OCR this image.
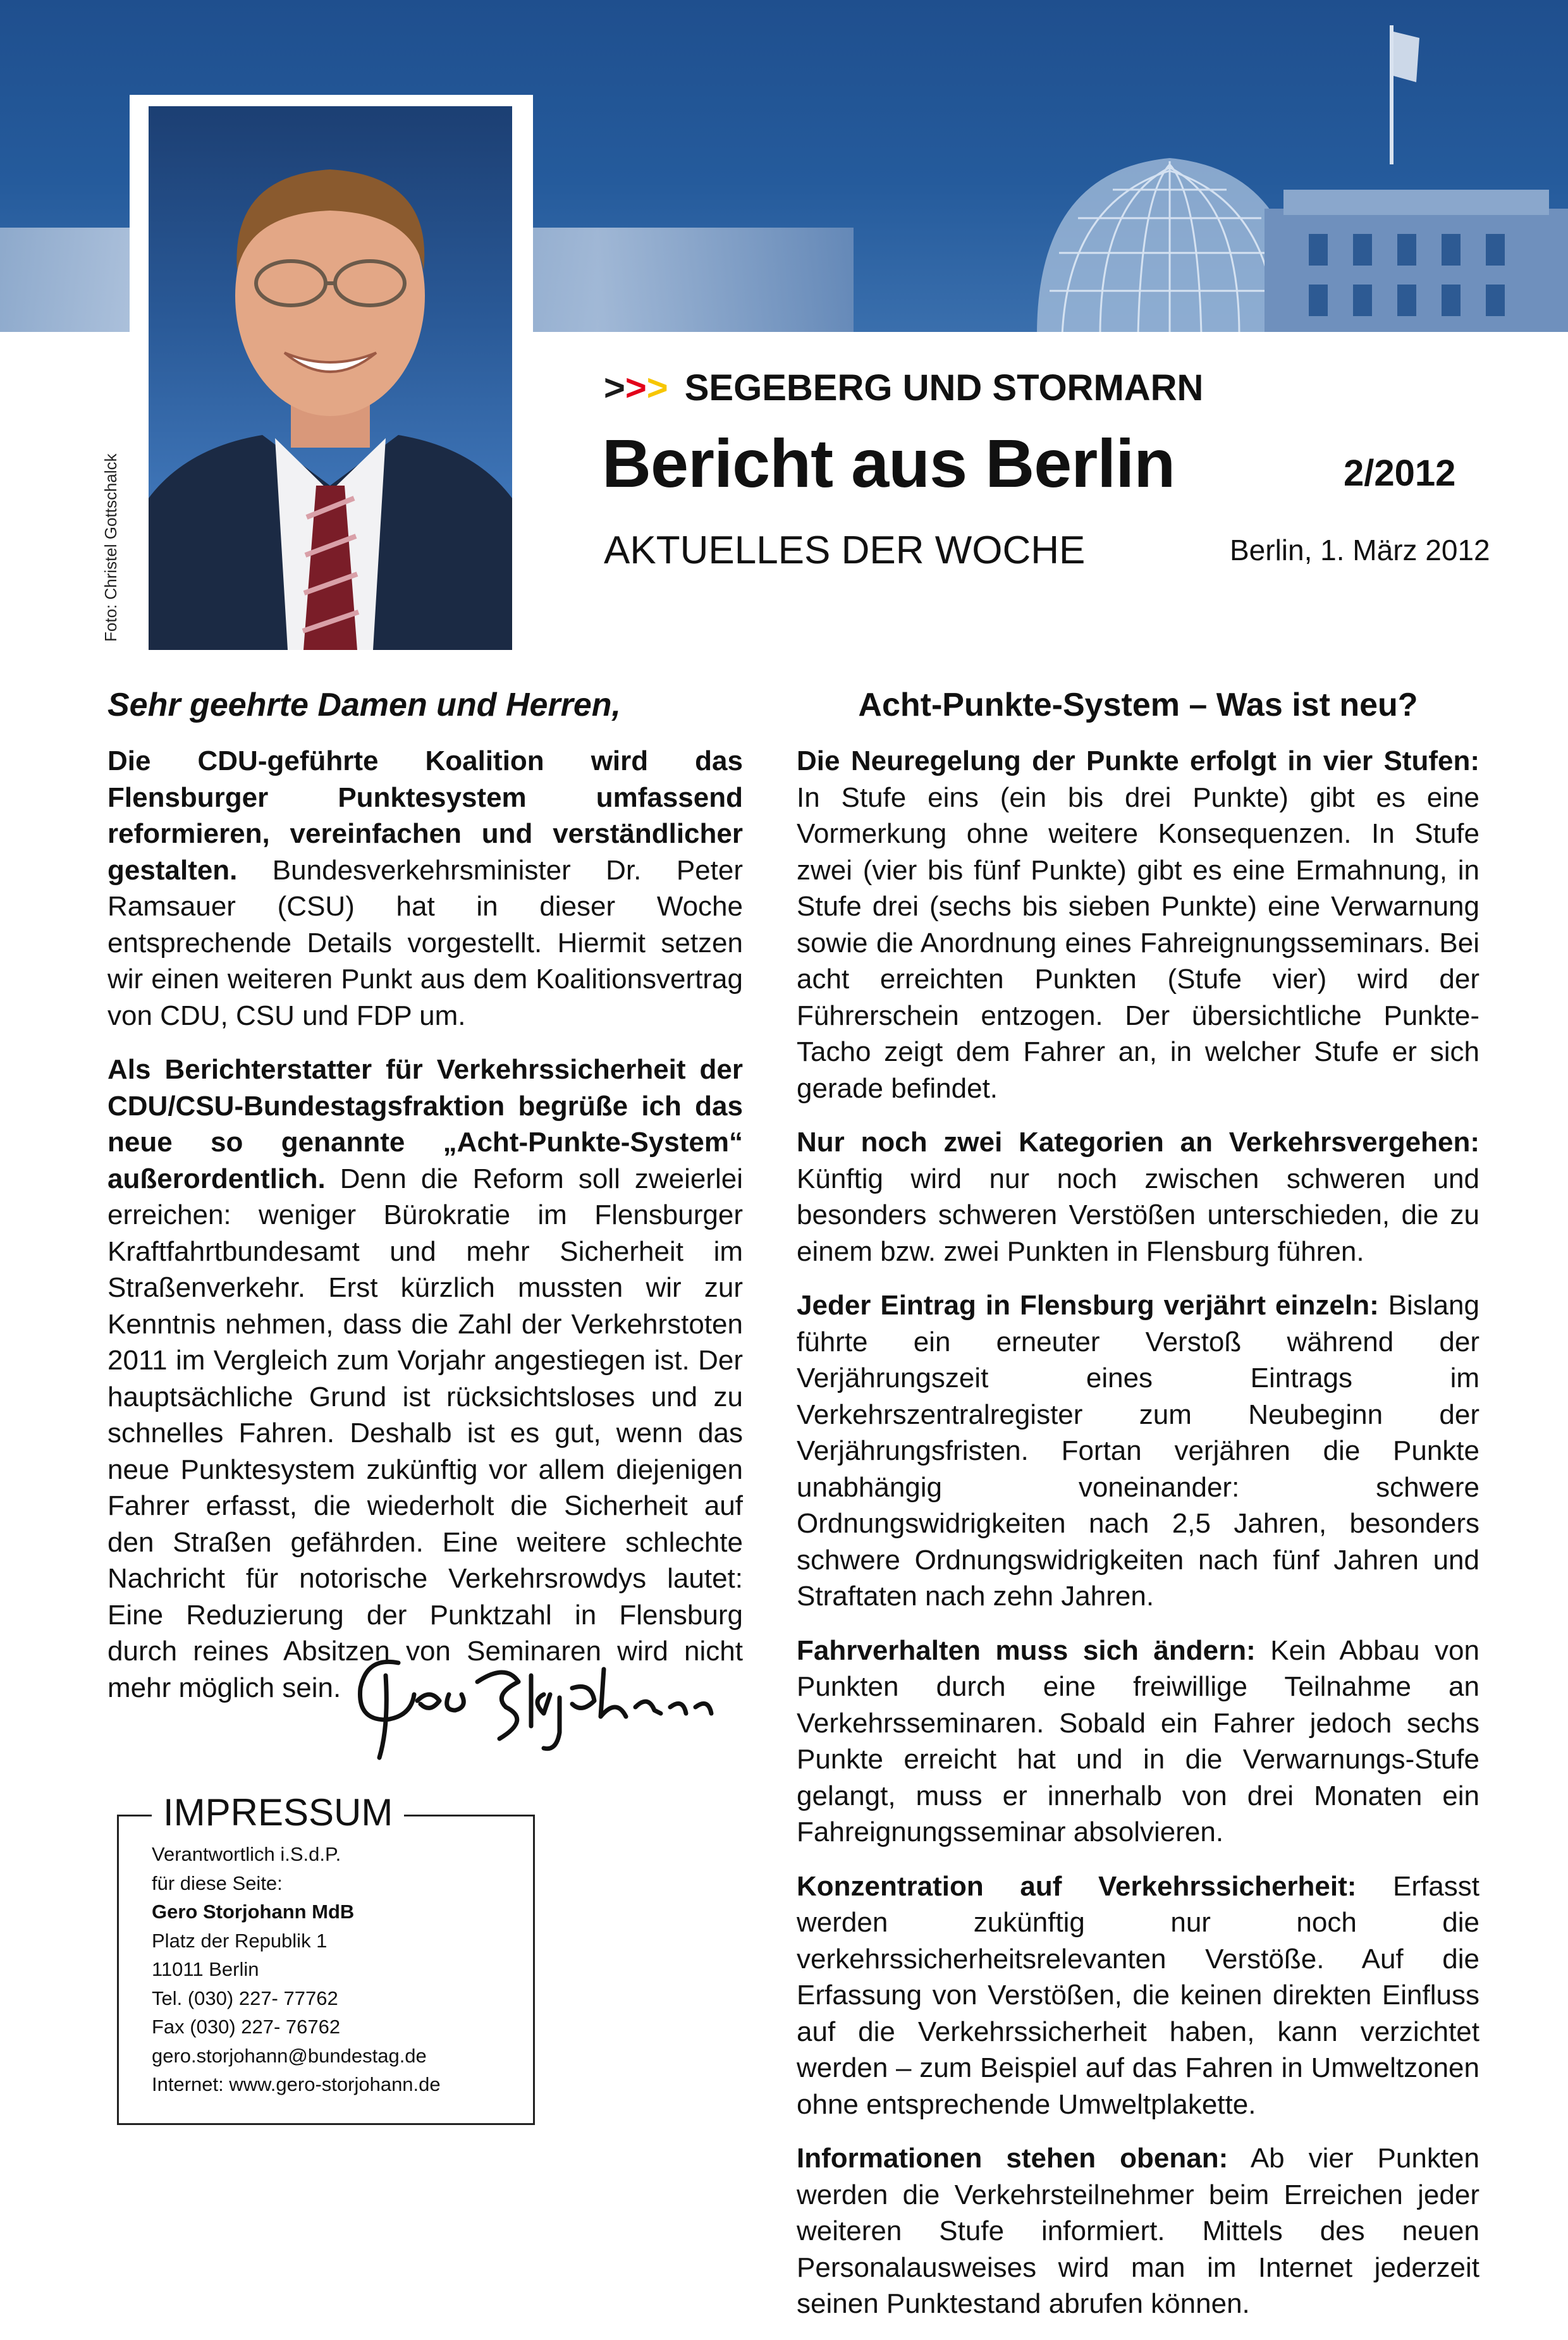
Foto: Christel Gottschalck
>>> SEGEBERG UND STORMARN
Bericht aus Berlin	2/2012
AKTUELLES DER WOCHE	Berlin, 1. März 2012
Sehr geehrte Damen und Herren,

Die CDU-geführte Koalition wird das Flensburger Punktesystem umfassend reformieren, vereinfachen und verständlicher gestalten. Bundesverkehrsminister Dr. Peter Ramsauer (CSU) hat in dieser Woche entsprechende Details vorgestellt. Hiermit setzen wir einen weiteren Punkt aus dem Koalitionsvertrag von CDU, CSU und FDP um.

Als Berichterstatter für Verkehrssicherheit der CDU/CSU-Bundestagsfraktion begrüße ich das neue so genannte „Acht-Punkte-System“ außerordentlich. Denn die Reform soll zweierlei erreichen: weniger Bürokratie im Flensburger Kraftfahrtbundesamt und mehr Sicherheit im Straßenverkehr. Erst kürzlich mussten wir zur Kenntnis nehmen, dass die Zahl der Verkehrstoten 2011 im Vergleich zum Vorjahr angestiegen ist. Der hauptsächliche Grund ist rücksichtsloses und zu schnelles Fahren. Deshalb ist es gut, wenn das neue Punktesystem zukünftig vor allem diejenigen Fahrer erfasst, die wiederholt die Sicherheit auf den Straßen gefährden. Eine weitere schlechte Nachricht für notorische Verkehrsrowdys lautet: Eine Reduzierung der Punktzahl in Flensburg durch reines Absitzen von Seminaren wird nicht mehr möglich sein.

IMPRESSUM
Verantwortlich i.S.d.P.
für diese Seite:
Gero Storjohann MdB
Platz der Republik 1
11011 Berlin
Tel. (030) 227- 77762
Fax (030) 227- 76762
gero.storjohann@bundestag.de
Internet: www.gero-storjohann.de
Acht-Punkte-System – Was ist neu?

Die Neuregelung der Punkte erfolgt in vier Stufen: In Stufe eins (ein bis drei Punkte) gibt es eine Vormerkung ohne weitere Konsequenzen. In Stufe zwei (vier bis fünf Punkte) gibt es eine Ermahnung, in Stufe drei (sechs bis sieben Punkte) eine Verwarnung sowie die Anordnung eines Fahreignungsseminars. Bei acht erreichten Punkten (Stufe vier) wird der Führerschein entzogen. Der übersichtliche Punkte-Tacho zeigt dem Fahrer an, in welcher Stufe er sich gerade befindet.

Nur noch zwei Kategorien an Verkehrsvergehen: Künftig wird nur noch zwischen schweren und besonders schweren Verstößen unterschieden, die zu einem bzw. zwei Punkten in Flensburg führen.

Jeder Eintrag in Flensburg verjährt einzeln: Bislang führte ein erneuter Verstoß während der Verjährungszeit eines Eintrags im Verkehrszentralregister zum Neubeginn der Verjährungsfristen. Fortan verjähren die Punkte unabhängig voneinander: schwere Ordnungswidrigkeiten nach 2,5 Jahren, besonders schwere Ordnungswidrigkeiten nach fünf Jahren und Straftaten nach zehn Jahren.

Fahrverhalten muss sich ändern: Kein Abbau von Punkten durch eine freiwillige Teilnahme an Verkehrsseminaren. Sobald ein Fahrer jedoch sechs Punkte erreicht hat und in die Verwarnungs-Stufe gelangt, muss er innerhalb von drei Monaten ein Fahreignungsseminar absolvieren.

Konzentration auf Verkehrssicherheit: Erfasst werden zukünftig nur noch die verkehrssicherheitsrelevanten Verstöße. Auf die Erfassung von Verstößen, die keinen direkten Einfluss auf die Verkehrssicherheit haben, kann verzichtet werden – zum Beispiel auf das Fahren in Umweltzonen ohne entsprechende Umweltplakette.

Informationen stehen obenan: Ab vier Punkten werden die Verkehrsteilnehmer beim Erreichen jeder weiteren Stufe informiert. Mittels des neuen Personalausweises wird man im Internet jederzeit seinen Punktestand abrufen können.
